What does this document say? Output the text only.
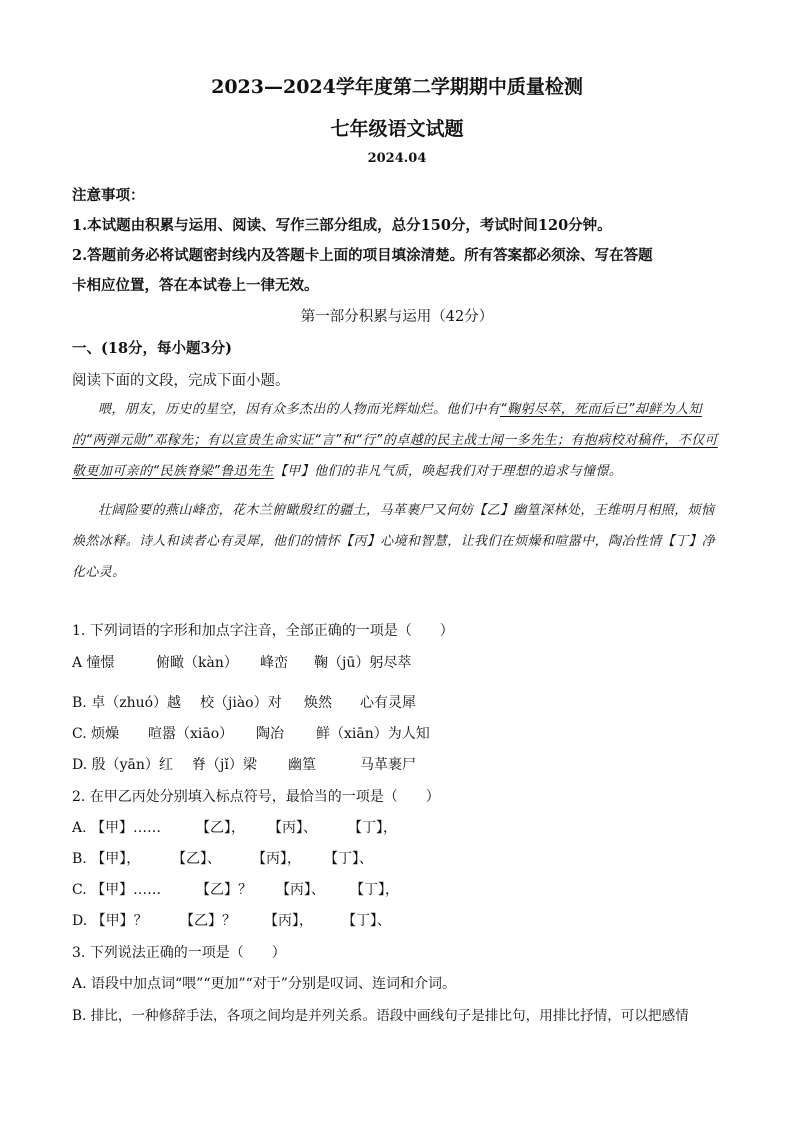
2023—2024学年度第二学期期中质量检测
七年级语文试题
2024.04
注意事项：
1.本试题由积累与运用、阅读、写作三部分组成，总分150分，考试时间120分钟。
2.答题前务必将试题密封线内及答题卡上面的项目填涂清楚。所有答案都必须涂、写在答题
卡相应位置，答在本试卷上一律无效。
第一部分积累与运用（42分）
一、(18分，每小题3分)
阅读下面的文段，完成下面小题。

喂，朋友，历史的星空，因有众多杰出的人物而光辉灿烂。他们中有“鞠躬尽萃，死而后已”却鲜为人知的“两弹元勋”邓稼先；有以宣贵生命实证“言”和“行”的卓越的民主战士闻一多先生；有抱病校对稿件，不仅可敬更加可亲的“民族脊梁”鲁迅先生【甲】他们的非凡气质，唤起我们对于理想的追求与憧憬。

壮阔险要的燕山峰峦，花木兰俯瞰殷红的疆土，马革裹尸又何妨【乙】幽篁深林处，王维明月相照，烦恼焕然冰释。诗人和读者心有灵犀，他们的情怀【丙】心境和智慧，让我们在烦燥和喧嚣中，陶冶性情【丁】净化心灵。

1. 下列词语的字形和加点字注音，全部正确的一项是（　　）
A 憧憬	俯瞰（kàn） 峰峦 鞠（jū）躬尽萃
B. 卓（zhuó）越 校（jiào）对 焕然 心有灵犀
C. 烦燥 喧嚣（xiāo） 陶冶 鲜（xiān）为人知
D. 殷（yān）红 脊（jǐ）梁 幽篁	马革裹尸
2. 在甲乙丙处分别填入标点符号，最恰当的一项是（　　）
A. 【甲】…… 【乙】， 【丙】、 【丁】，
B. 【甲】， 【乙】、 【丙】， 【丁】、
C. 【甲】…… 【乙】？ 【丙】、 【丁】，
D. 【甲】？ 【乙】？ 【丙】， 【丁】、
3. 下列说法正确的一项是（　　）
A. 语段中加点词“喂”“更加”“对于”分别是叹词、连词和介词。
B. 排比，一种修辞手法，各项之间均是并列关系。语段中画线句子是排比句，用排比抒情，可以把感情
